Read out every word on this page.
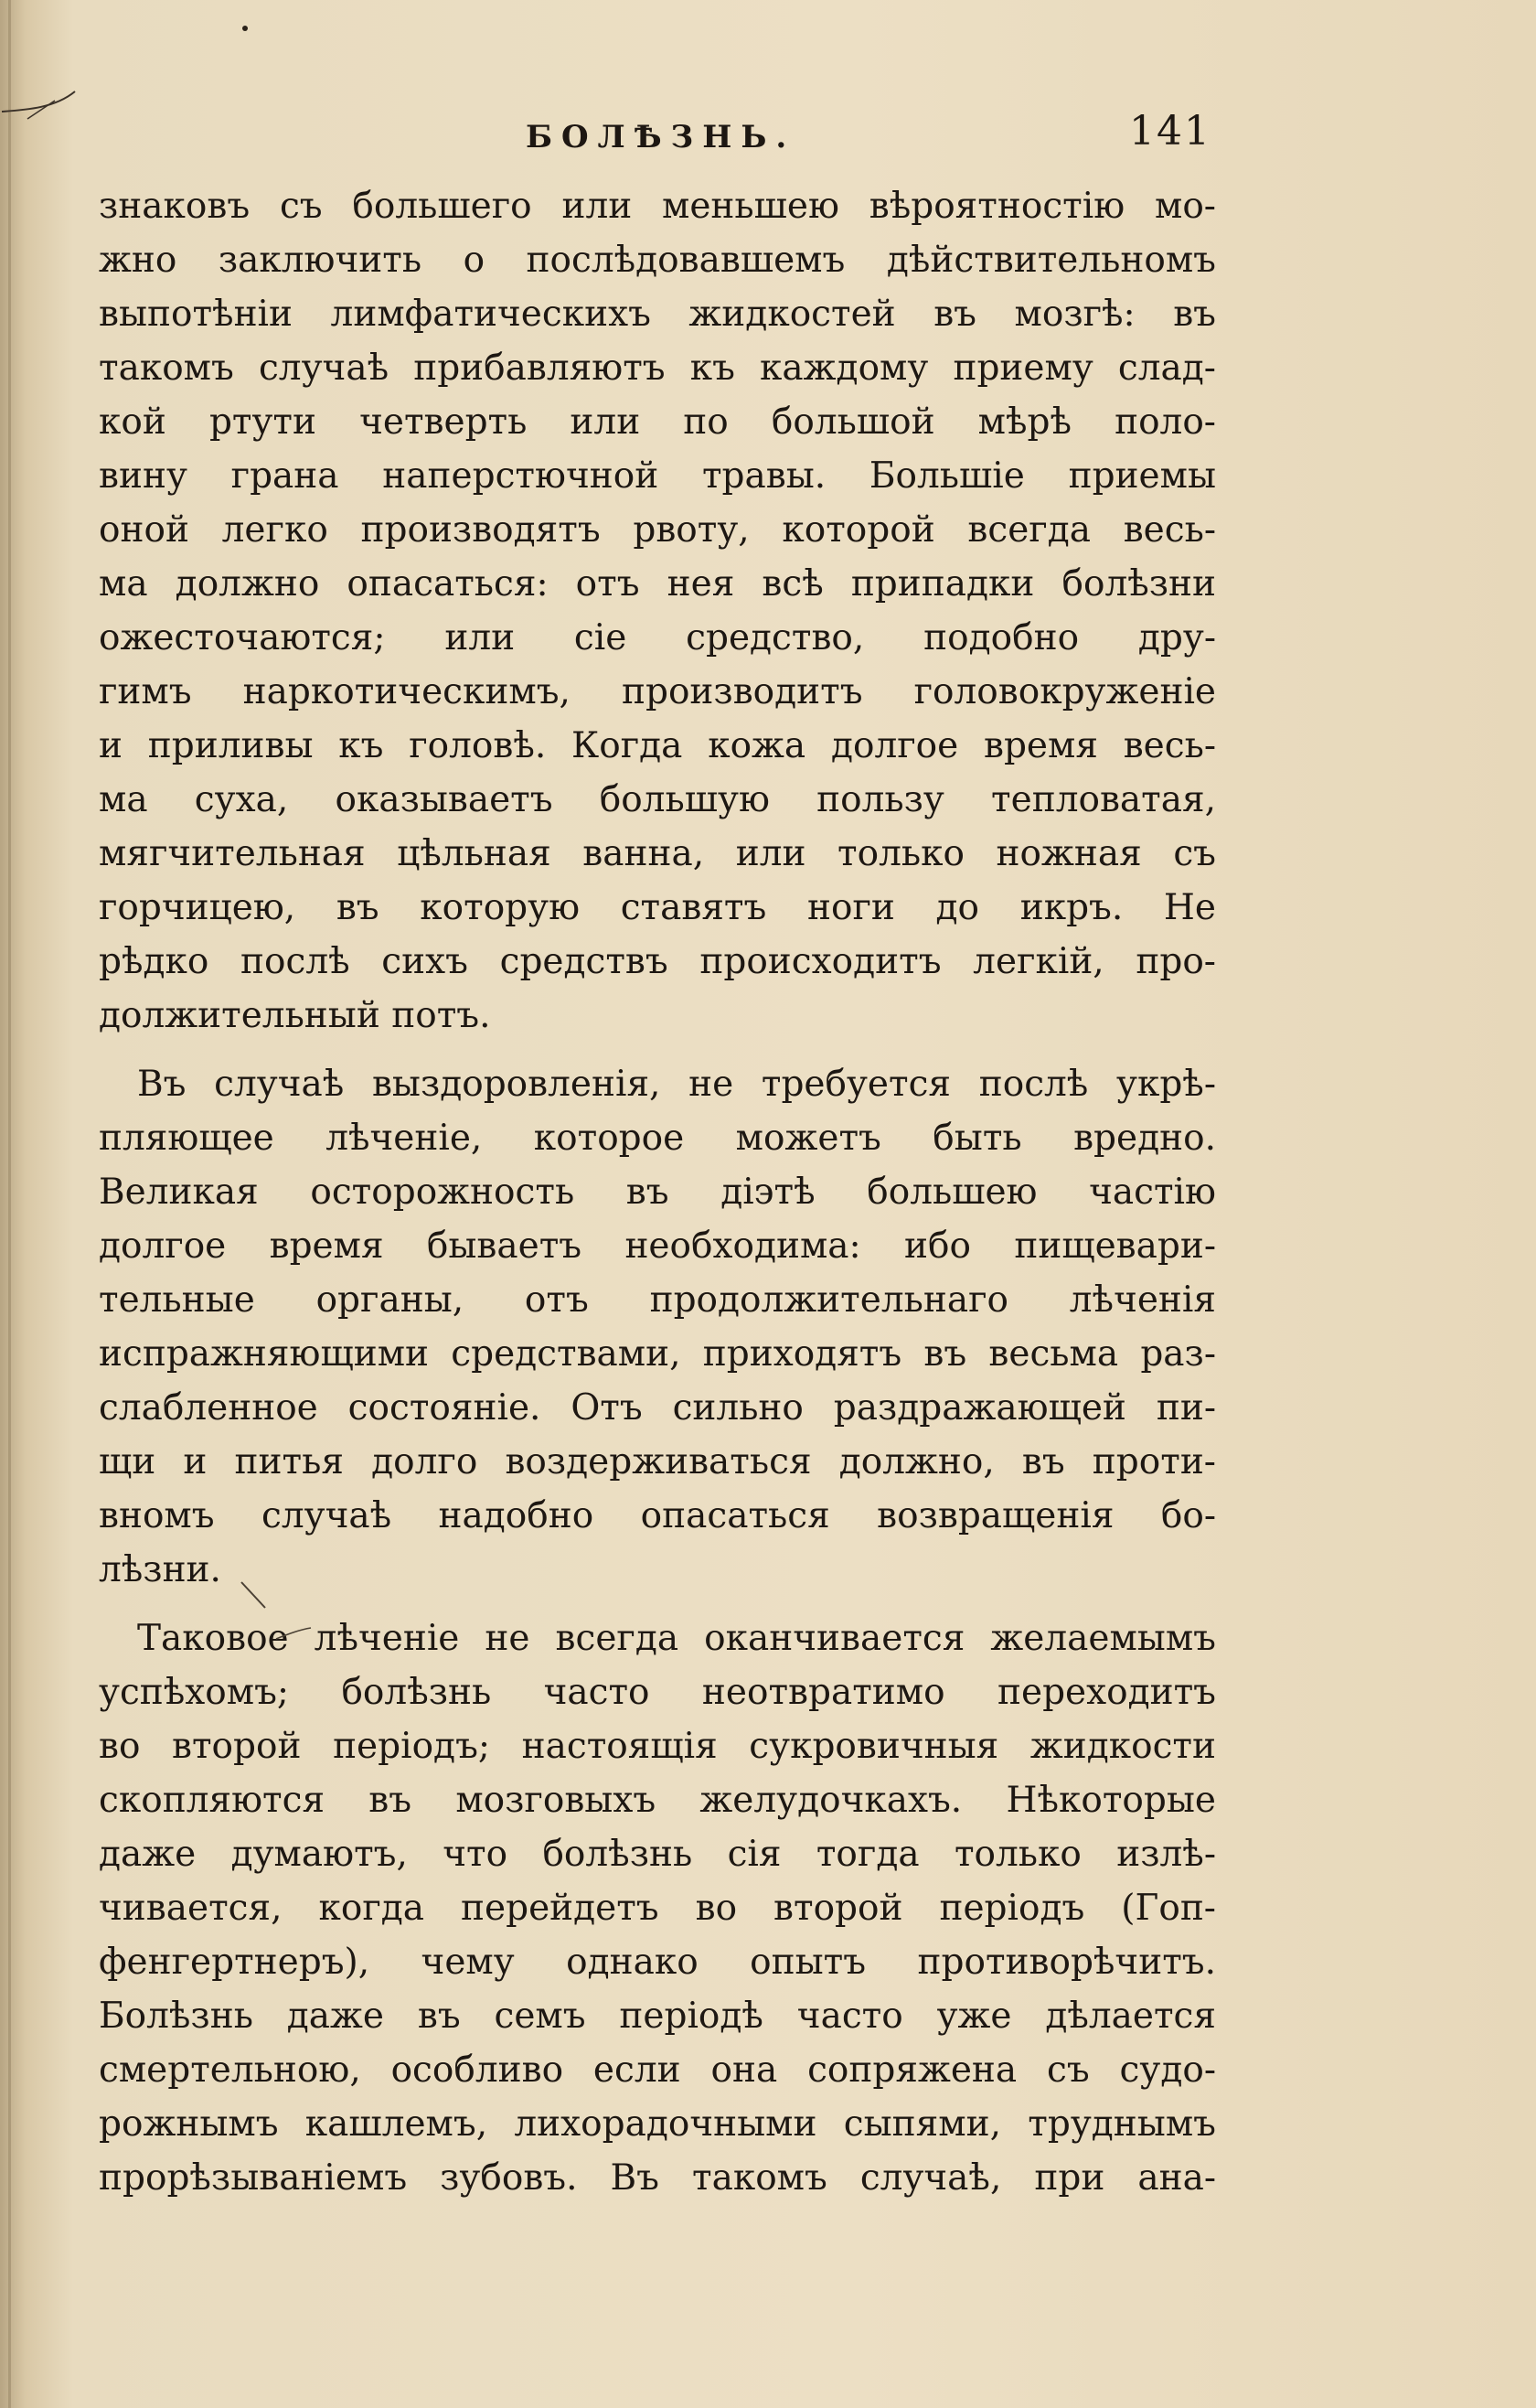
БОЛѢЗНЬ.	141
знаковъ съ большего или меньшею вѣроятностію мо-
жно заключить о послѣдовавшемъ дѣйствительномъ
выпотѣніи лимфатическихъ жидкостей въ мозгѣ: въ
такомъ случаѣ прибавляютъ къ каждому приему слад-
кой ртути четверть или по большой мѣрѣ поло-
вину грана наперстючной травы. Большіе приемы
оной легко производятъ рвоту, которой всегда весь-
ма должно опасаться: отъ нея всѣ припадки болѣзни
ожесточаются; или сіе средство, подобно дру-
гимъ наркотическимъ, производитъ головокруженіе
и приливы къ головѣ. Когда кожа долгое время весь-
ма суха, оказываетъ большую пользу тепловатая,
мягчительная цѣльная ванна, или только ножная съ
горчицею, въ которую ставятъ ноги до икръ. Не
рѣдко послѣ сихъ средствъ происходитъ легкій, про-
должительный потъ.
Въ случаѣ выздоровленія, не требуется послѣ укрѣ-
пляющее лѣченіе, которое можетъ быть вредно.
Великая осторожность въ діэтѣ большею частію
долгое время бываетъ необходима: ибо пищевари-
тельные органы, отъ продолжительнаго лѣченія
испражняющими средствами, приходятъ въ весьма раз-
слабленное состояніе. Отъ сильно раздражающей пи-
щи и питья долго воздерживаться должно, въ проти-
вномъ случаѣ надобно опасаться возвращенія бо-
лѣзни.
Таковое лѣченіе не всегда оканчивается желаемымъ
успѣхомъ; болѣзнь часто неотвратимо переходитъ
во второй періодъ; настоящія сукровичныя жидкости
скопляются въ мозговыхъ желудочкахъ. Нѣкоторые
даже думаютъ, что болѣзнь сія тогда только излѣ-
чивается, когда перейдетъ во второй періодъ (Гоп-
фенгертнеръ), чему однако опытъ противорѣчитъ.
Болѣзнь даже въ семъ періодѣ часто уже дѣлается
смертельною, особливо если она сопряжена съ судо-
рожнымъ кашлемъ, лихорадочными сыпями, труднымъ
прорѣзываніемъ зубовъ. Въ такомъ случаѣ, при ана-
